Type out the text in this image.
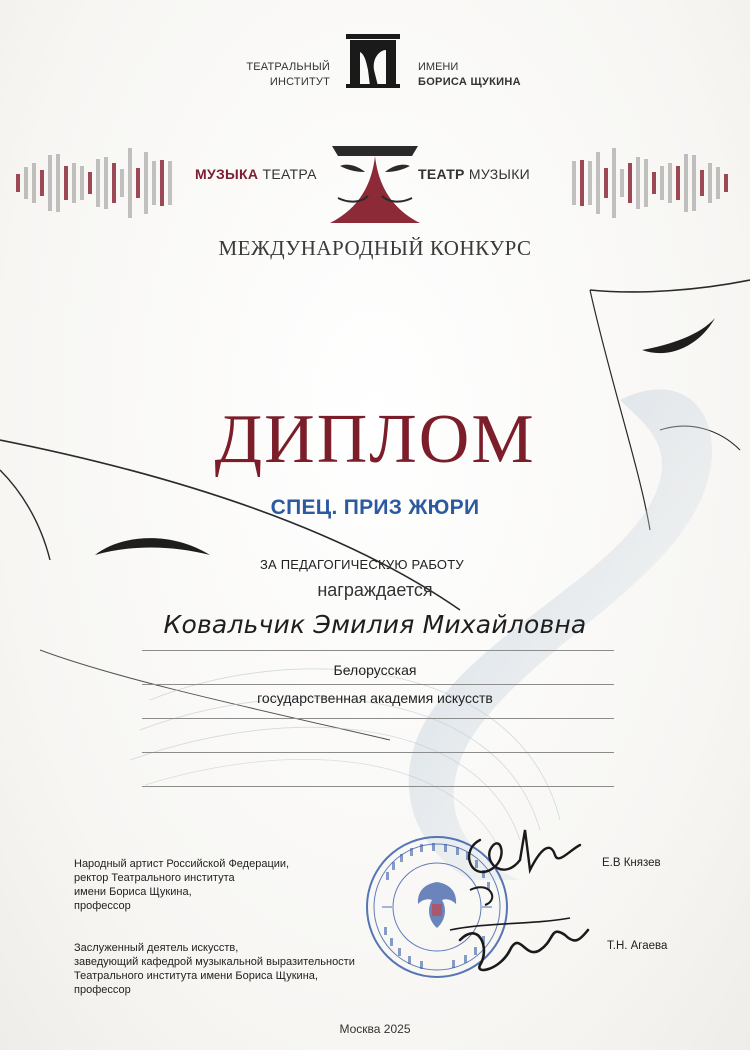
ТЕАТРАЛЬНЫЙ
ИНСТИТУТ
ИМЕНИ
БОРИСА ЩУКИНА
МУЗЫКА ТЕАТРА	ТЕАТР МУЗЫКИ
МЕЖДУНАРОДНЫЙ КОНКУРС
ДИПЛОМ
СПЕЦ. ПРИЗ ЖЮРИ
ЗА ПЕДАГОГИЧЕСКУЮ РАБОТУ
награждается
Ковальчик Эмилия Михайловна
Белорусская
государственная академия искусств
Народный артист Российской Федерации,
ректор Театрального института
имени Бориса Щукина,
профессор
Е.В Князев
Заслуженный деятель искусств,
заведующий кафедрой музыкальной выразительности
Театрального института имени Бориса Щукина,
профессор
Т.Н. Агаева
Москва 2025
